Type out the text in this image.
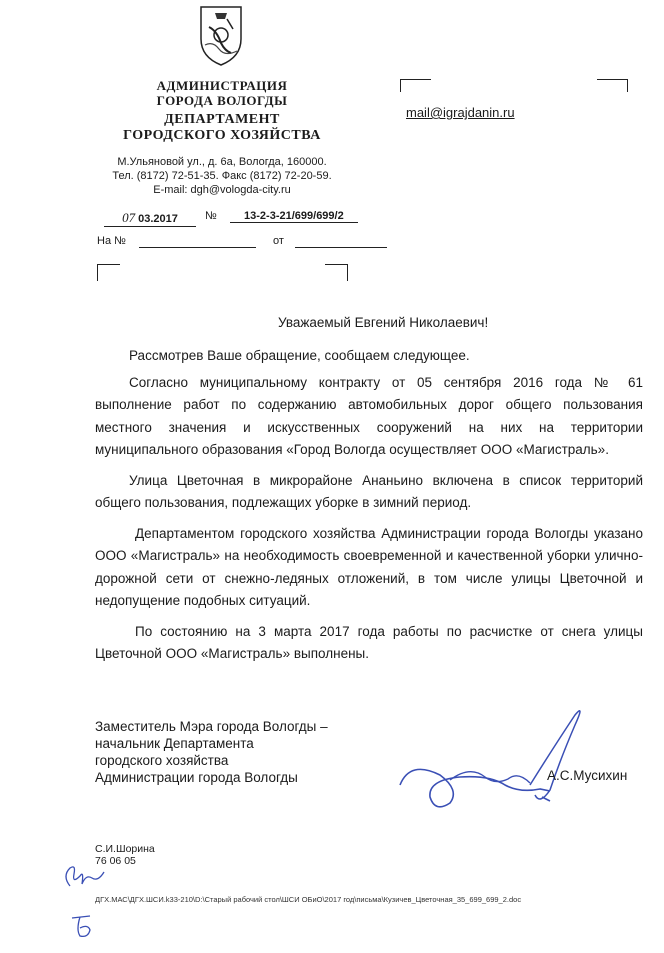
АДМИНИСТРАЦИЯ
ГОРОДА ВОЛОГДЫ
ДЕПАРТАМЕНТ
ГОРОДСКОГО ХОЗЯЙСТВА
М.Ульяновой ул., д. 6а, Вологда, 160000.
Тел. (8172) 72-51-35. Факс (8172) 72-20-59.
E-mail: dgh@vologda-city.ru
mail@igrajdanin.ru
07 03.2017	№ 13-2-3-21/699/699/2
На №	от
Уважаемый Евгений Николаевич!

Рассмотрев Ваше обращение, сообщаем следующее.

Согласно муниципальному контракту от 05 сентября 2016 года № 61 выполнение работ по содержанию автомобильных дорог общего пользования местного значения и искусственных сооружений на них на территории муниципального образования «Город Вологда осуществляет ООО «Магистраль».

Улица Цветочная в микрорайоне Ананьино включена в список территорий общего пользования, подлежащих уборке в зимний период.

Департаментом городского хозяйства Администрации города Вологды указано ООО «Магистраль» на необходимость своевременной и качественной уборки улично-дорожной сети от снежно-ледяных отложений, в том числе улицы Цветочной и недопущение подобных ситуаций.

По состоянию на 3 марта 2017 года работы по расчистке от снега улицы Цветочной ООО «Магистраль» выполнены.

Заместитель Мэра города Вологды –
начальник Департамента
городского хозяйства
Администрации города Вологды	А.С.Мусихин
С.И.Шорина
76 06 05
ДГХ.МАС\ДГХ.ШСИ.k33-210\D:\Старый рабочий стол\ШСИ ОБиО\2017 год\письма\Кузичев_Цветочная_35_699_699_2.doc
